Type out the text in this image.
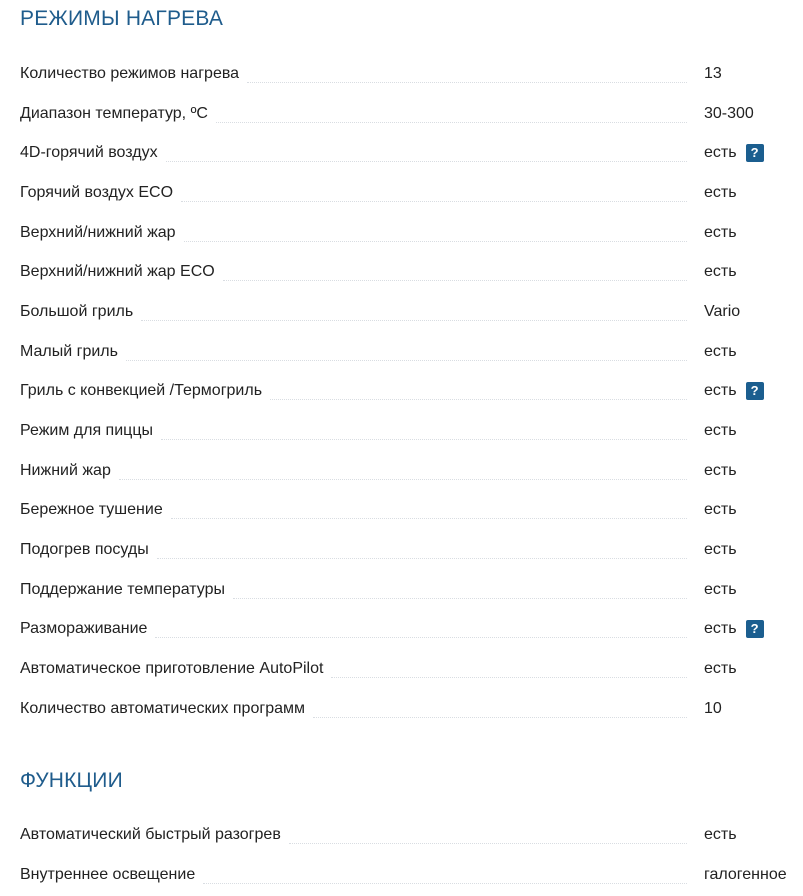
РЕЖИМЫ НАГРЕВА
Количество режимов нагрева	13
Диапазон температур, ºС	30-300
4D-горячий воздух	есть	?
Горячий воздух ECO	есть
Верхний/нижний жар	есть
Верхний/нижний жар ECO	есть
Большой гриль	Vario
Малый гриль	есть
Гриль с конвекцией /Термогриль	есть	?
Режим для пиццы	есть
Нижний жар	есть
Бережное тушение	есть
Подогрев посуды	есть
Поддержание температуры	есть
Размораживание	есть	?
Автоматическое приготовление AutoPilot	есть
Количество автоматических программ	10
ФУНКЦИИ
Автоматический быстрый разогрев	есть
Внутреннее освещение	галогенное
